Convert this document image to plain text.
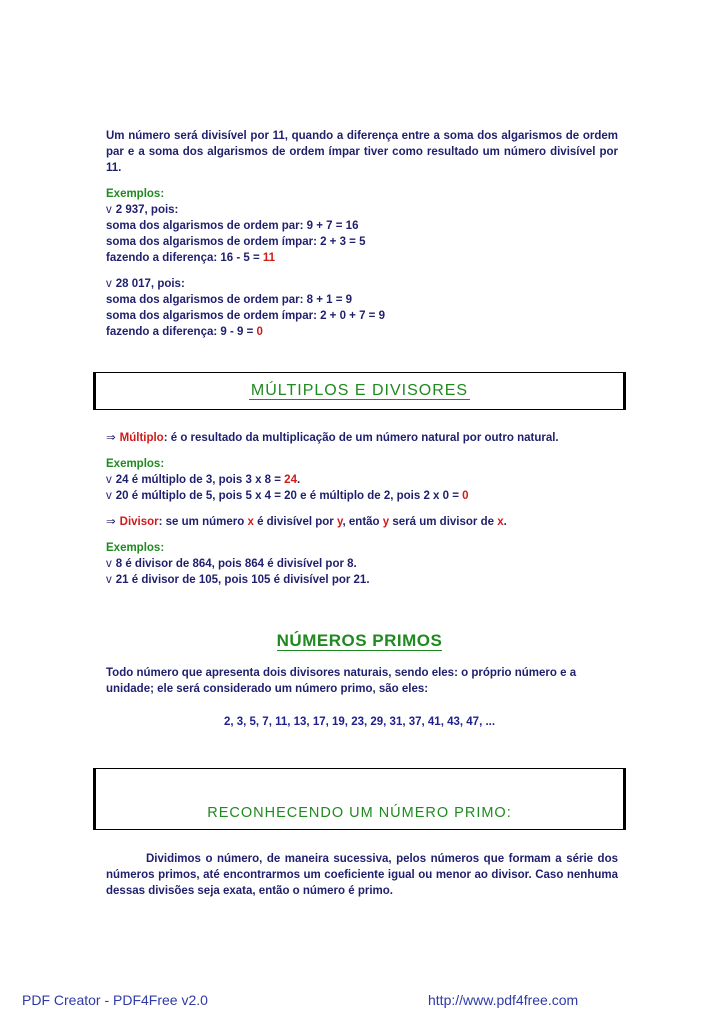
Um número será divisível por 11, quando a diferença entre a soma dos algarismos de ordem par e a soma dos algarismos de ordem ímpar tiver como resultado um número divisível por 11.

Exemplos:

v 2 937, pois:

soma dos algarismos de ordem par: 9 + 7 = 16

soma dos algarismos de ordem ímpar: 2 + 3 = 5

fazendo a diferença: 16 - 5 = 11

v 28 017, pois:

soma dos algarismos de ordem par: 8 + 1 = 9

soma dos algarismos de ordem ímpar: 2 + 0 + 7 = 9

fazendo a diferença: 9 - 9 = 0

MÚLTIPLOS E DIVISORES

⇒ Múltiplo: é o resultado da multiplicação de um número natural por outro natural.

Exemplos:

v 24 é múltiplo de 3, pois 3 x 8 = 24.

v 20 é múltiplo de 5, pois 5 x 4 = 20 e é múltiplo de 2, pois 2 x 0 = 0

⇒ Divisor: se um número x é divisível por y, então y será um divisor de x.

Exemplos:

v 8 é divisor de 864, pois 864 é divisível por 8.

v 21 é divisor de 105, pois 105 é divisível por 21.

NÚMEROS PRIMOS

Todo número que apresenta dois divisores naturais, sendo eles: o próprio número e a unidade; ele será considerado um número primo, são eles:

2, 3, 5, 7, 11, 13, 17, 19, 23, 29, 31, 37, 41, 43, 47, ...
RECONHECENDO UM NÚMERO PRIMO:

Dividimos o número, de maneira sucessiva, pelos números que formam a série dos números primos, até encontrarmos um coeficiente igual ou menor ao divisor. Caso nenhuma dessas divisões seja exata, então o número é primo.

PDF Creator - PDF4Free v2.0	http://www.pdf4free.com
